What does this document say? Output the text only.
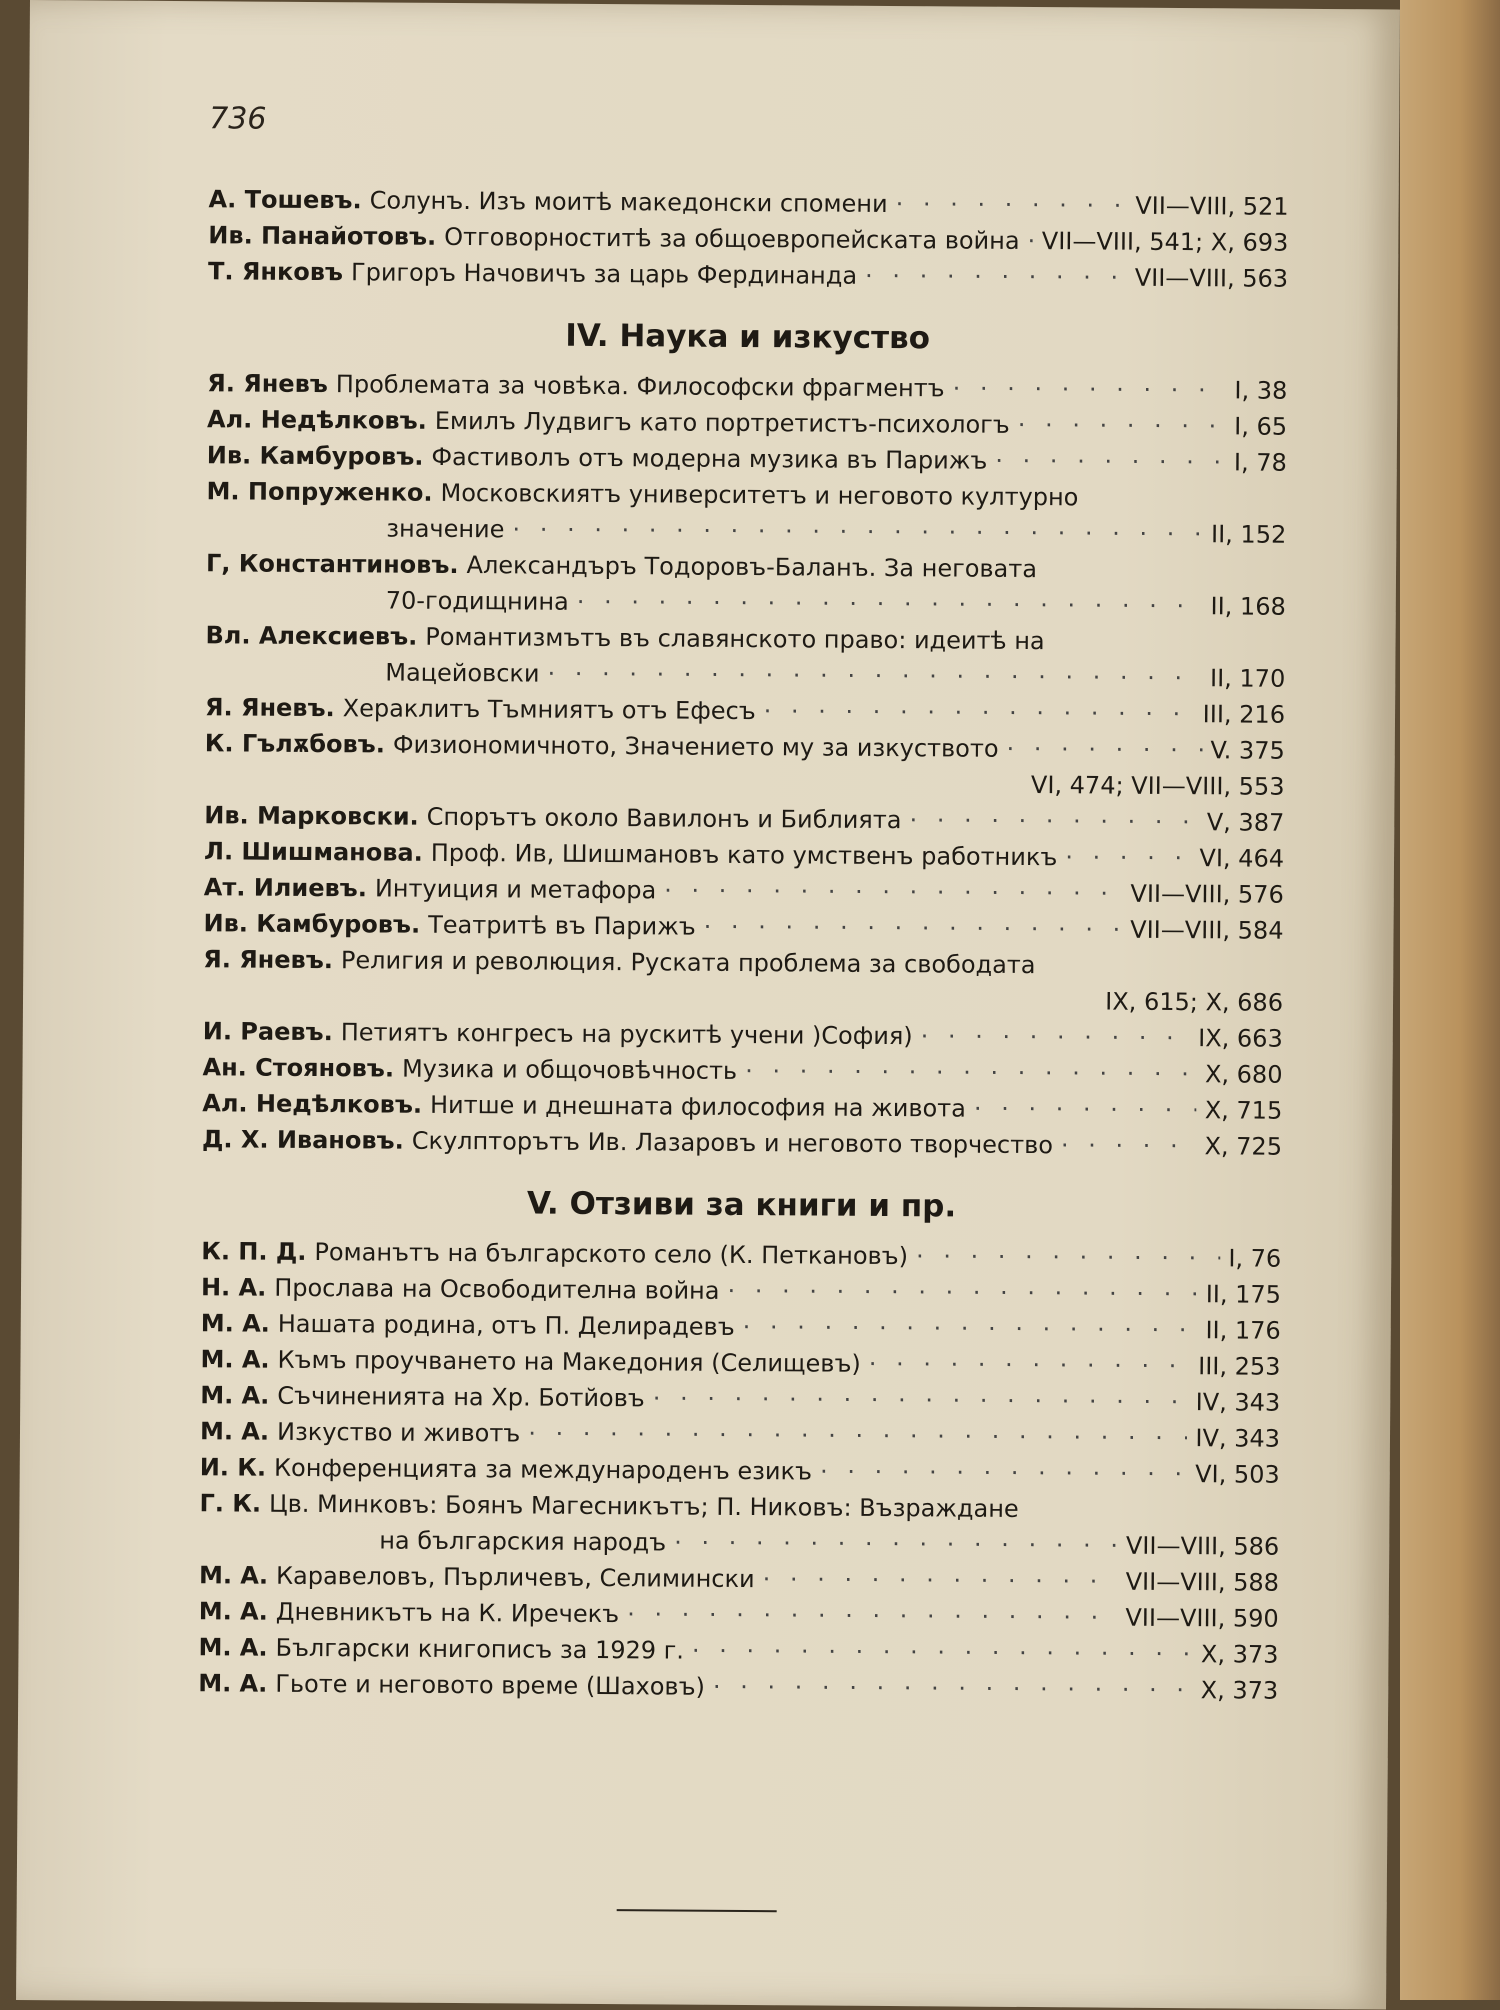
736
А. Тошевъ. Солунъ. Изъ моитѣ македонски спомени · · ·	VII—VIII, 521
Ив. Панайотовъ. Отговорноститѣ за общоевропейската война · · · VII—VIII, 541; X, 693
Т. Янковъ Григоръ Начовичъ за царь Фердинанда · · ·	VII—VIII, 563
IV. Наука и изкуство
Я. Яневъ Проблемата за човѣка. Философски фрагментъ · · ·	I, 38
Ал. Недѣлковъ. Емилъ Лудвигъ като портретистъ-психологъ · · ·	I, 65
Ив. Камбуровъ. Фастиволъ отъ модерна музика въ Парижъ · · ·	I, 78
М. Попруженко. Московскиятъ университетъ и неговото културно
значение · · ·	II, 152
Г, Константиновъ. Александъръ Тодоровъ-Баланъ. За неговата
70-годищнина · · ·	II, 168
Вл. Алексиевъ. Романтизмътъ въ славянското право: идеитѣ на
Мацейовски · · ·	II, 170
Я. Яневъ. Хераклитъ Тъмниятъ отъ Ефесъ · · ·	III, 216
К. Гълѫбовъ. Физиономичното, Значението му за изкуството · · ·	V. 375
VI, 474; VII—VIII, 553
Ив. Марковски. Спорътъ около Вавилонъ и Библията · · ·	V, 387
Л. Шишманова. Проф. Ив, Шишмановъ като умственъ работникъ · · ·	VI, 464
Ат. Илиевъ. Интуиция и метафора · · ·	VII—VIII, 576
Ив. Камбуровъ. Театритѣ въ Парижъ · · ·	VII—VIII, 584
Я. Яневъ. Религия и революция. Руската проблема за свободата
IX, 615; X, 686
И. Раевъ. Петиятъ конгресъ на рускитѣ учени )София) · · ·	IX, 663
Ан. Стояновъ. Музика и общочовѣчность · · ·	X, 680
Ал. Недѣлковъ. Нитше и днешната философия на живота · · ·	X, 715
Д. Х. Ивановъ. Скулпторътъ Ив. Лазаровъ и неговото творчество · · ·	X, 725
V. Отзиви за книги и пр.
К. П. Д. Романътъ на българското село (К. Петкановъ) · · ·	I, 76
Н. А. Прослава на Освободителна война · · ·	II, 175
М. А. Нашата родина, отъ П. Делирадевъ · · ·	II, 176
М. А. Къмъ проучването на Македония (Селищевъ) · · ·	III, 253
М. А. Съчиненията на Хр. Ботйовъ · · ·	IV, 343
М. А. Изкуство и животъ · · ·	IV, 343
И. К. Конференцията за международенъ езикъ · · ·	VI, 503
Г. К. Цв. Минковъ: Боянъ Магесникътъ; П. Никовъ: Възраждане
на българския народъ · · ·	VII—VIII, 586
М. А. Каравеловъ, Пърличевъ, Селимински · · ·	VII—VIII, 588
М. А. Дневникътъ на К. Иречекъ · · ·	VII—VIII, 590
М. А. Български книгописъ за 1929 г. · · ·	X, 373
М. А. Гьоте и неговото време (Шаховъ) · · ·	X, 373
